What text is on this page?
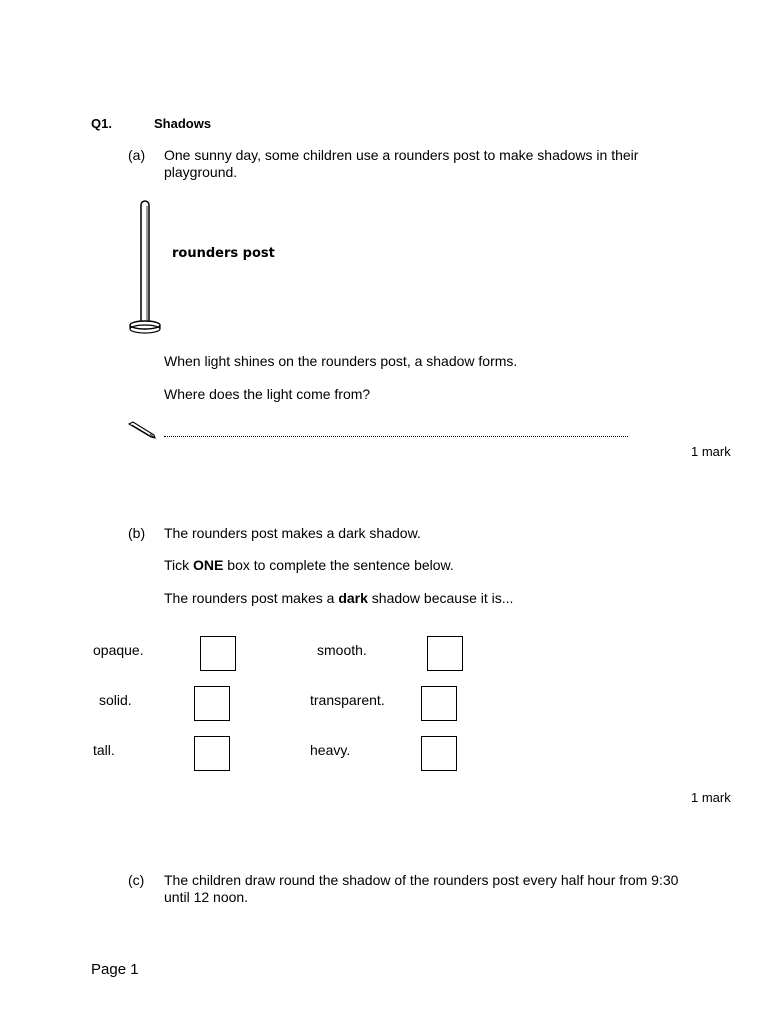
Q1.	Shadows
(a) One sunny day, some children use a rounders post to make shadows in their playground.
rounders post
When light shines on the rounders post, a shadow forms.
Where does the light come from?
1 mark
(b) The rounders post makes a dark shadow.
Tick ONE box to complete the sentence below.
The rounders post makes a dark shadow because it is...
opaque.	smooth.
solid.	transparent.
tall.	heavy.
1 mark
(c) The children draw round the shadow of the rounders post every half hour from 9:30 until 12 noon.
Page 1
